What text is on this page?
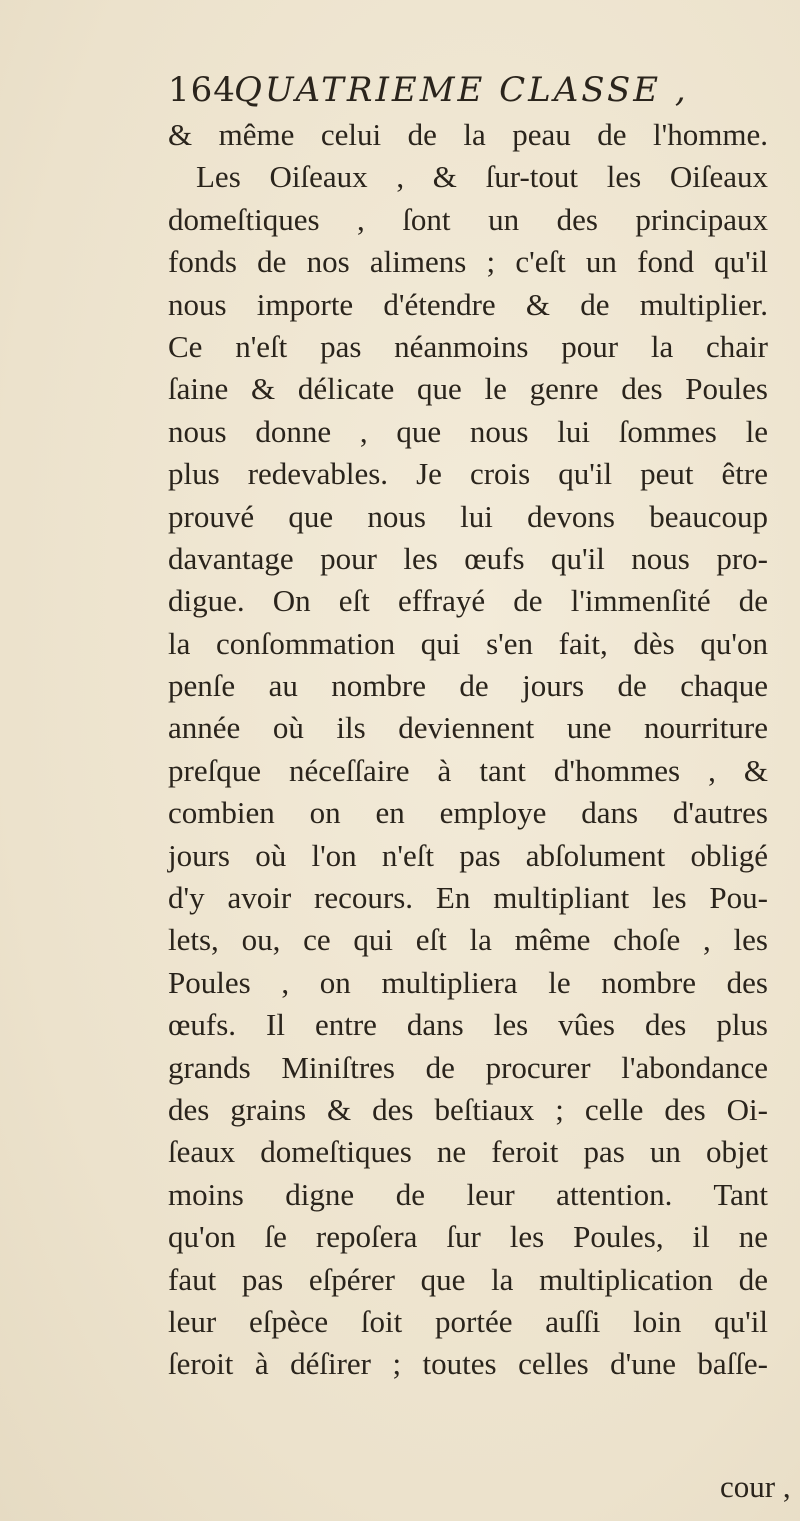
164QUATRIEME CLASSE ,
& même celui de la peau de l'homme.
Les Oiſeaux , & ſur-tout les Oiſeaux
domeſtiques , ſont un des principaux
fonds de nos alimens ; c'eſt un fond qu'il
nous importe d'étendre & de multiplier.
Ce n'eſt pas néanmoins pour la chair
ſaine & délicate que le genre des Poules
nous donne , que nous lui ſommes le
plus redevables. Je crois qu'il peut être
prouvé que nous lui devons beaucoup
davantage pour les œufs qu'il nous pro-
digue. On eſt effrayé de l'immenſité de
la conſommation qui s'en fait, dès qu'on
penſe au nombre de jours de chaque
année où ils deviennent une nourriture
preſque néceſſaire à tant d'hommes , &
combien on en employe dans d'autres
jours où l'on n'eſt pas abſolument obligé
d'y avoir recours. En multipliant les Pou-
lets, ou, ce qui eſt la même choſe , les
Poules , on multipliera le nombre des
œufs. Il entre dans les vûes des plus
grands Miniſtres de procurer l'abondance
des grains & des beſtiaux ; celle des Oi-
ſeaux domeſtiques ne feroit pas un objet
moins digne de leur attention. Tant
qu'on ſe repoſera ſur les Poules, il ne
faut pas eſpérer que la multiplication de
leur eſpèce ſoit portée auſſi loin qu'il
ſeroit à déſirer ; toutes celles d'une baſſe-
cour ,
